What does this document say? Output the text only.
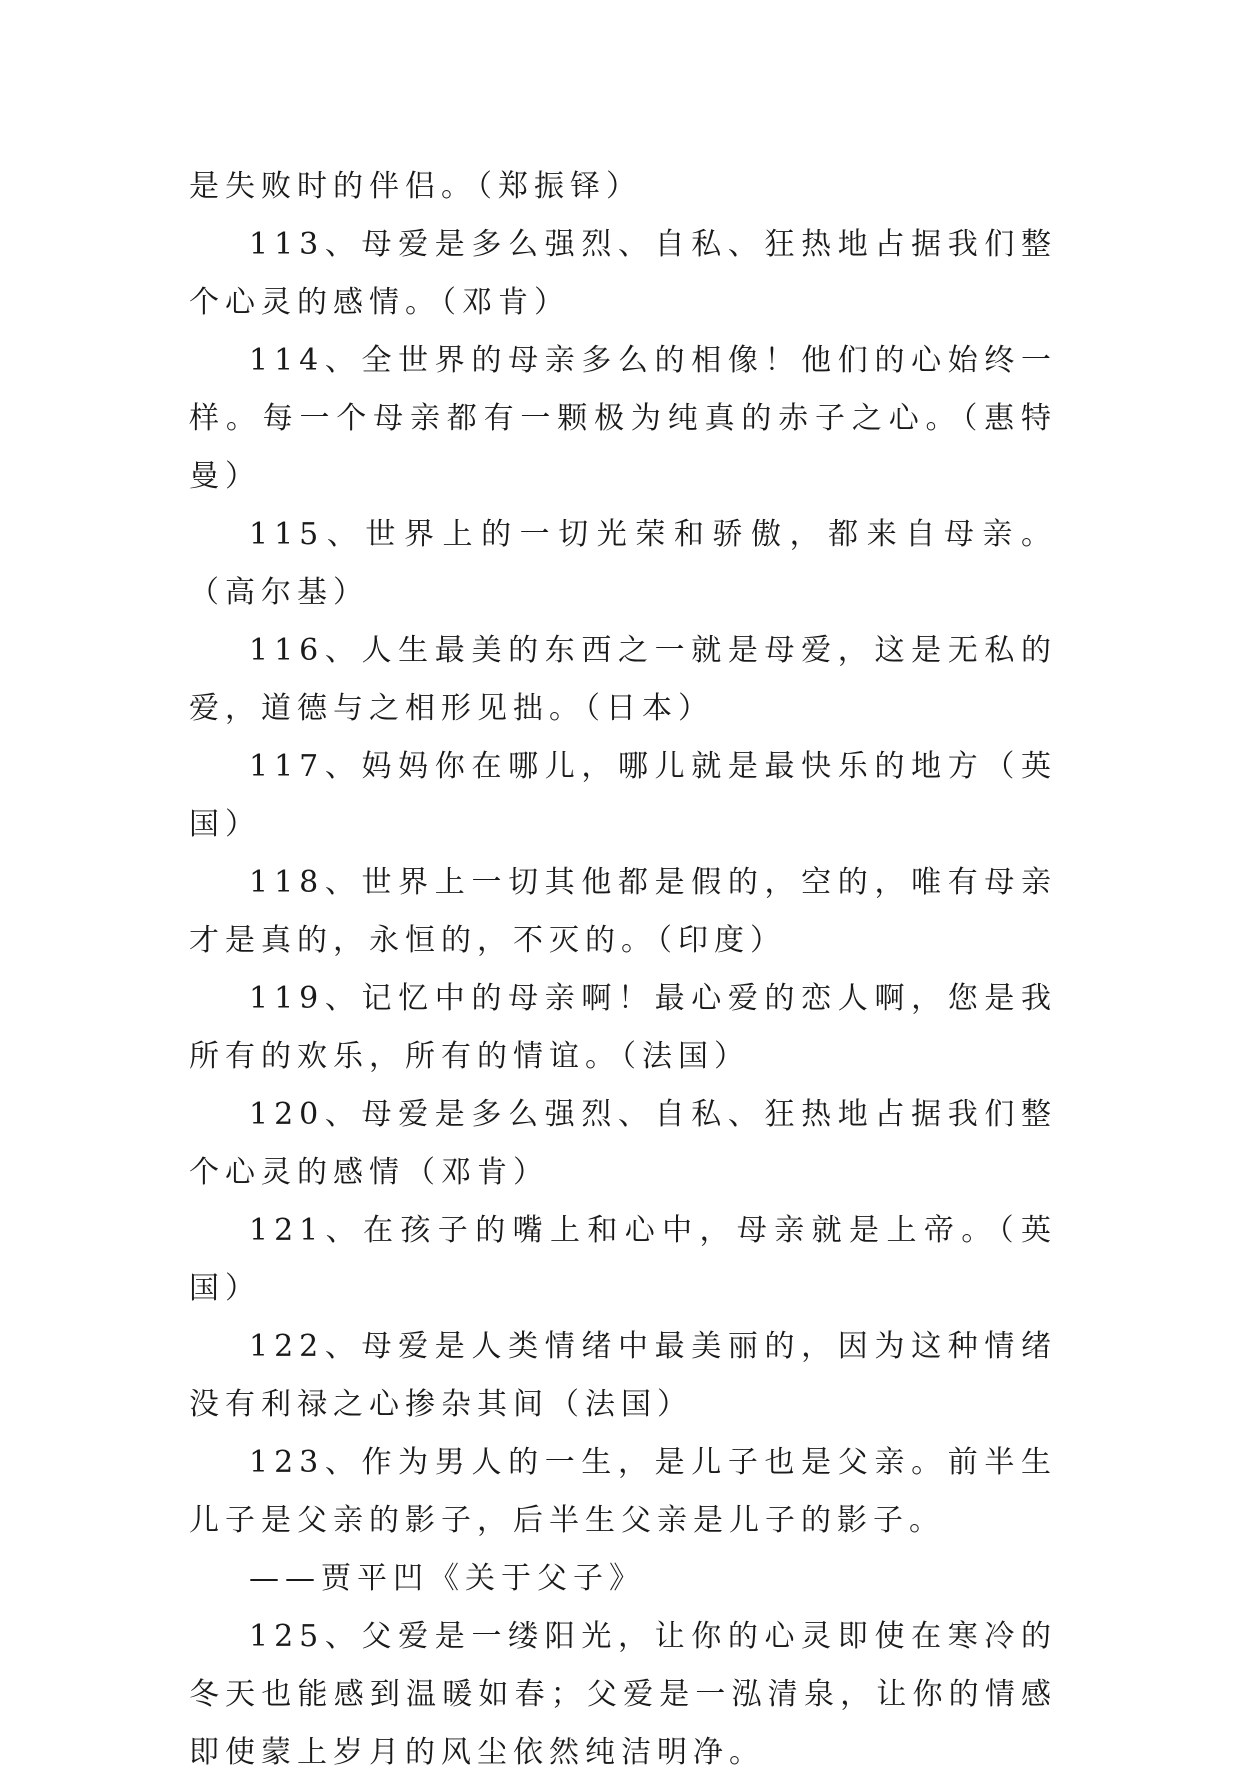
是失败时的伴侣。（郑振铎）

113、母爱是多么强烈、自私、狂热地占据我们整个心灵的感情。（邓肯）

114、全世界的母亲多么的相像！他们的心始终一样。每一个母亲都有一颗极为纯真的赤子之心。（惠特曼）

115、世界上的一切光荣和骄傲，都来自母亲。（高尔基）

116、人生最美的东西之一就是母爱，这是无私的爱，道德与之相形见拙。（日本）

117、妈妈你在哪儿，哪儿就是最快乐的地方（英国）

118、世界上一切其他都是假的，空的，唯有母亲才是真的，永恒的，不灭的。（印度）

119、记忆中的母亲啊！最心爱的恋人啊，您是我所有的欢乐，所有的情谊。（法国）

120、母爱是多么强烈、自私、狂热地占据我们整个心灵的感情（邓肯）

121、在孩子的嘴上和心中，母亲就是上帝。（英国）

122、母爱是人类情绪中最美丽的，因为这种情绪没有利禄之心掺杂其间（法国）

123、作为男人的一生，是儿子也是父亲。前半生儿子是父亲的影子，后半生父亲是儿子的影子。

——贾平凹《关于父子》

125、父爱是一缕阳光，让你的心灵即使在寒冷的冬天也能感到温暖如春；父爱是一泓清泉，让你的情感即使蒙上岁月的风尘依然纯洁明净。
